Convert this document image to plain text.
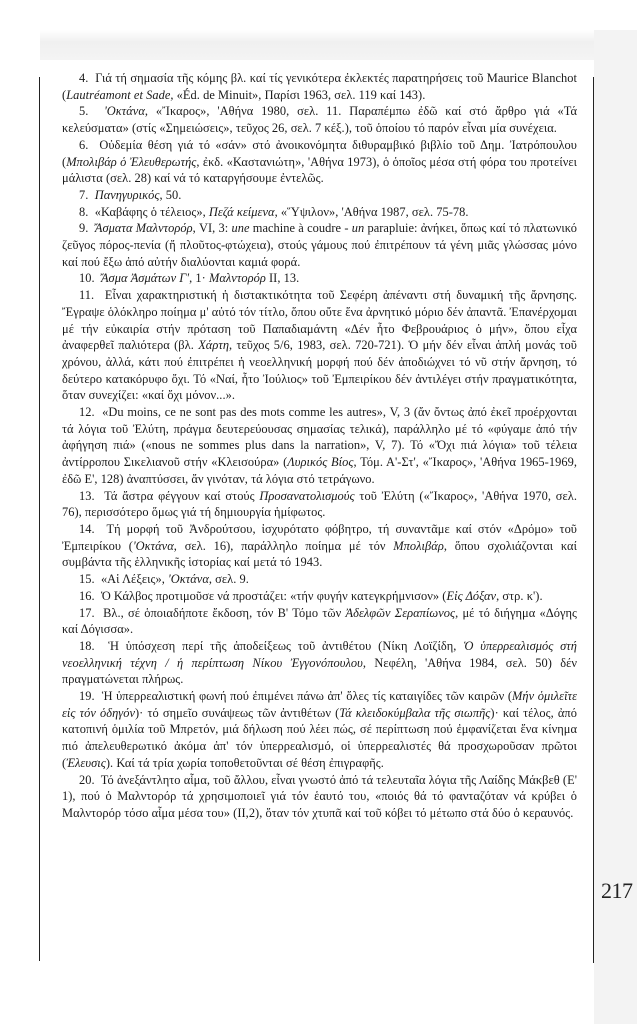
4.  Γιά τή σημασία τῆς κόμης βλ. καί τίς γενικότερα ἐκλεκτές παρατηρήσεις τοῦ Maurice Blanchot (Lautréamont et Sade, «Éd. de Minuit», Παρίσι 1963, σελ. 119 καί 143).

5.  'Οκτάνα, «Ἴκαρος», 'Αθήνα 1980, σελ. 11. Παραπέμπω ἐδῶ καί στό ἄρθρο γιά «Τά κελεύσματα» (στίς «Σημειώσεις», τεῦχος 26, σελ. 7 κέξ.), τοῦ ὁποίου τό παρόν εἶναι μία συνέχεια.

6.  Οὐδεμία θέση γιά τό «σάν» στό ἀνοικονόμητα διθυραμβικό βιβλίο τοῦ Δημ. Ἰατρόπουλου (Μπολιβάρ ὁ Ἐλευθερωτής, ἐκδ. «Καστανιώτη», 'Αθήνα 1973), ὁ ὁποῖος μέσα στή φόρα του προτείνει μάλιστα (σελ. 28) καί νά τό καταργήσουμε ἐντελῶς.

7.  Πανηγυρικός, 50.

8.  «Καβάφης ὁ τέλειος», Πεζά κείμενα, «Ὕψιλον», 'Αθήνα 1987, σελ. 75-78.

9.  Ἄσματα Μαλντορόρ, VI, 3: une machine à coudre - un parapluie: ἀνήκει, ὅπως καί τό πλατωνικό ζεῦγος πόρος-πενία (ἤ πλοῦτος-φτώχεια), στούς γάμους πού ἐπιτρέπουν τά γένη μιᾶς γλώσσας μόνο καί πού ἔξω ἀπό αὐτήν διαλύονται καμιά φορά.

10.  Ἄσμα Ἀσμάτων Γ', 1· Μαλντορόρ II, 13.

11.  Εἶναι χαρακτηριστική ἡ διστακτικότητα τοῦ Σεφέρη ἀπέναντι στή δυναμική τῆς ἄρνησης. Ἔγραψε ὁλόκληρο ποίημα μ' αὐτό τόν τίτλο, ὅπου οὔτε ἕνα ἀρνητικό μόριο δέν ἀπαντᾶ. Ἐπανέρχομαι μέ τήν εὐκαιρία στήν πρόταση τοῦ Παπαδιαμάντη «Δέν ἦτο Φεβρουάριος ὁ μήν», ὅπου εἶχα ἀναφερθεῖ παλιότερα (βλ. Χάρτη, τεῦχος 5/6, 1983, σελ. 720-721). Ὁ μήν δέν εἶναι ἁπλή μονάς τοῦ χρόνου, ἀλλά, κάτι πού ἐπιτρέπει ἡ νεοελληνική μορφή πού δέν ἀποδιώχνει τό νῦ στήν ἄρνηση, τό δεύτερο κατακόρυφο ὄχι. Τό «Ναί, ἦτο Ἰούλιος» τοῦ Ἐμπειρίκου δέν ἀντιλέγει στήν πραγματικότητα, ὅταν συνεχίζει: «καί ὄχι μόνον...».

12.  «Du moins, ce ne sont pas des mots comme les autres», V, 3 (ἄν ὄντως ἀπό ἐκεῖ προέρχονται τά λόγια τοῦ Ἐλύτη, πράγμα δευτερεύουσας σημασίας τελικά), παράλληλο μέ τό «φύγαμε ἀπό τήν ἀφήγηση πιά» («nous ne sommes plus dans la narration», V, 7). Τό «Ὄχι πιά λόγια» τοῦ τέλεια ἀντίρροπου Σικελιανοῦ στήν «Κλεισούρα» (Λυρικός Βίος, Τόμ. Α'-Στ', «Ἴκαρος», 'Αθήνα 1965-1969, ἐδῶ Ε', 128) ἀναπτύσσει, ἄν γινόταν, τά λόγια στό τετράγωνο.

13.  Τά ἄστρα φέγγουν καί στούς Προσανατολισμούς τοῦ Ἐλύτη («Ἴκαρος», 'Αθήνα 1970, σελ. 76), περισσότερο ὅμως γιά τή δημιουργία ἡμίφωτος.

14.  Τή μορφή τοῦ Ἀνδρούτσου, ἰσχυρότατο φόβητρο, τή συναντᾶμε καί στόν «Δρόμο» τοῦ Ἐμπειρίκου ('Οκτάνα, σελ. 16), παράλληλο ποίημα μέ τόν Μπολιβάρ, ὅπου σχολιάζονται καί συμβάντα τῆς ἑλληνικῆς ἱστορίας καί μετά τό 1943.

15.  «Αἱ Λέξεις», 'Οκτάνα, σελ. 9.

16.  Ὁ Κάλβος προτιμοῦσε νά προστάζει: «τήν φυγήν κατεγκρήμνισον» (Εἰς Δόξαν, στρ. κ').

17.  Βλ., σέ ὁποιαδήποτε ἔκδοση, τόν Β' Τόμο τῶν Ἀδελφῶν Σεραπίωνος, μέ τό διήγημα «Δόγης καί Δόγισσα».

18.  Ἡ ὑπόσχεση περί τῆς ἀποδείξεως τοῦ ἀντιθέτου (Νίκη Λοϊζίδη, Ὁ ὑπερρεαλισμός στή νεοελληνική τέχνη / ἡ περίπτωση Νίκου Ἐγγονόπουλου, Νεφέλη, 'Αθήνα 1984, σελ. 50) δέν πραγματώνεται πλήρως.

19.  Ἡ ὑπερρεαλιστική φωνή πού ἐπιμένει πάνω ἀπ' ὅλες τίς καταιγίδες τῶν καιρῶν (Μήν ὁμιλεῖτε εἰς τόν ὁδηγόν)· τό σημεῖο συνάψεως τῶν ἀντιθέτων (Τά κλειδοκύμβαλα τῆς σιωπῆς)· καί τέλος, ἀπό κατοπινή ὁμιλία τοῦ Μπρετόν, μιά δήλωση πού λέει πώς, σέ περίπτωση πού ἐμφανίζεται ἕνα κίνημα πιό ἀπελευθερωτικό ἀκόμα ἀπ' τόν ὑπερρεαλισμό, οἱ ὑπερρεαλιστές θά προσχωροῦσαν πρῶτοι (Ἐλευσις). Καί τά τρία χωρία τοποθετοῦνται σέ θέση ἐπιγραφῆς.

20.  Τό ἀνεξάντλητο αἷμα, τοῦ ἄλλου, εἶναι γνωστό ἀπό τά τελευταῖα λόγια τῆς Λαίδης Μάκβεθ (Ε' 1), πού ὁ Μαλντορόρ τά χρησιμοποιεῖ γιά τόν ἑαυτό του, «ποιός θά τό φανταζόταν νά κρύβει ὁ Μαλντορόρ τόσο αἷμα μέσα του» (II,2), ὅταν τόν χτυπᾶ καί τοῦ κόβει τό μέτωπο στά δύο ὁ κεραυνός.

217
